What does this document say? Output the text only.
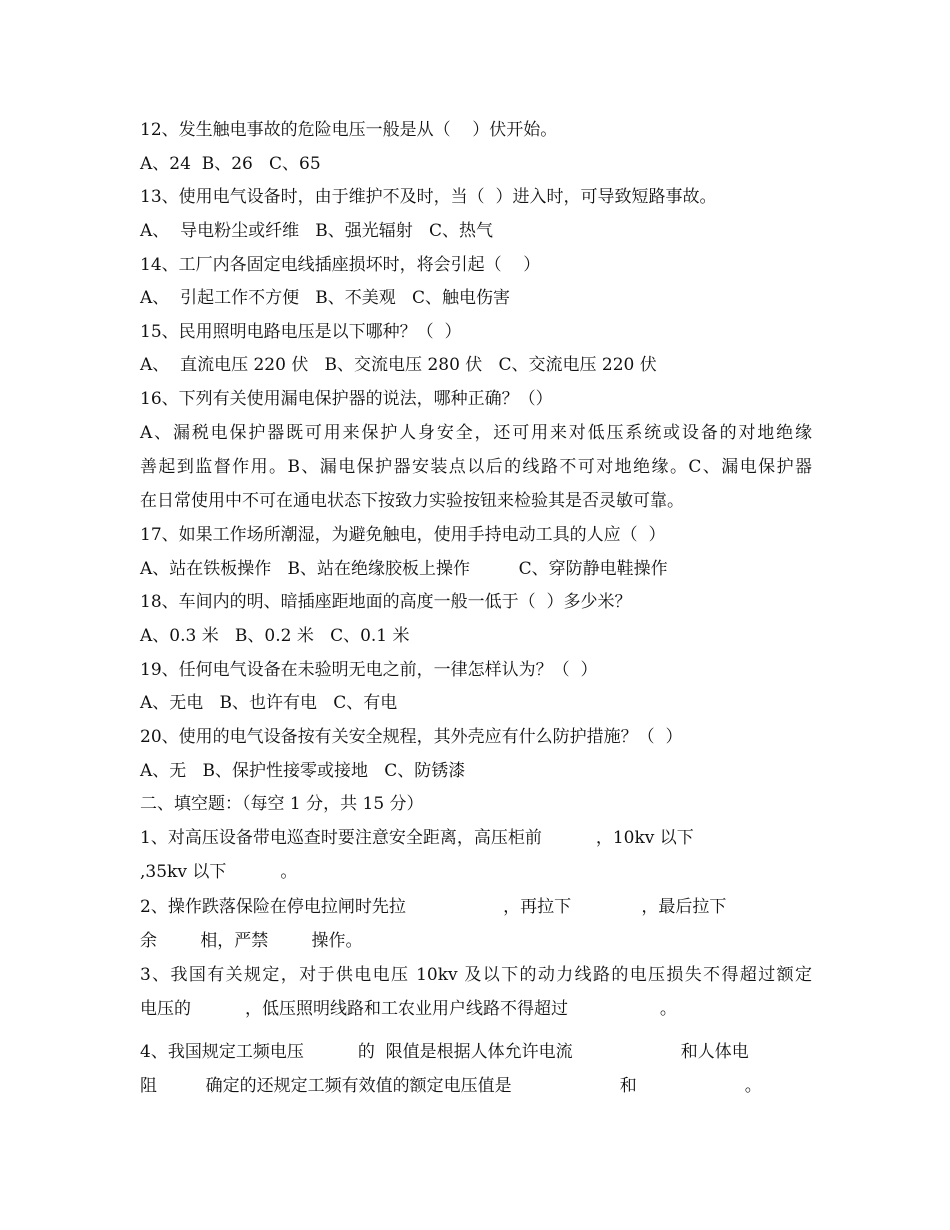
12、发生触电事故的危险电压一般是从（    ）伏开始。
A、24  B、26   C、65
13、使用电气设备时，由于维护不及时，当（  ）进入时，可导致短路事故。
A、  导电粉尘或纤维   B、强光辐射   C、热气
14、工厂内各固定电线插座损坏时，将会引起（    ）
A、  引起工作不方便   B、不美观   C、触电伤害
15、民用照明电路电压是以下哪种？（  ）
A、  直流电压 220 伏   B、交流电压 280 伏   C、交流电压 220 伏
16、下列有关使用漏电保护器的说法，哪种正确？（）
A、漏税电保护器既可用来保护人身安全，还可用来对低压系统或设备的对地绝缘
善起到监督作用。B、漏电保护器安装点以后的线路不可对地绝缘。C、漏电保护器
在日常使用中不可在通电状态下按致力实验按钮来检验其是否灵敏可靠。
17、如果工作场所潮湿，为避免触电，使用手持电动工具的人应（  ）
A、站在铁板操作   B、站在绝缘胶板上操作         C、穿防静电鞋操作
18、车间内的明、暗插座距地面的高度一般一低于（  ）多少米？
A、0.3 米   B、0.2 米   C、0.1 米
19、任何电气设备在未验明无电之前，一律怎样认为？（  ）
A、无电   B、也许有电   C、有电
20、使用的电气设备按有关安全规程，其外壳应有什么防护措施？（  ）
A、无   B、保护性接零或接地   C、防锈漆
二、填空题：（每空 1 分，共 15 分）
1、对高压设备带电巡查时要注意安全距离，高压柜前          ，10kv 以下
,35kv 以下          。
2、操作跌落保险在停电拉闸时先拉                  ，再拉下             ，最后拉下
余        相，严禁        操作。
3、我国有关规定，对于供电电压 10kv 及以下的动力线路的电压损失不得超过额定
电压的          ，低压照明线路和工农业用户线路不得超过                 。
4、我国规定工频电压          的  限值是根据人体允许电流                    和人体电
阻         确定的还规定工频有效值的额定电压值是                    和                    。
